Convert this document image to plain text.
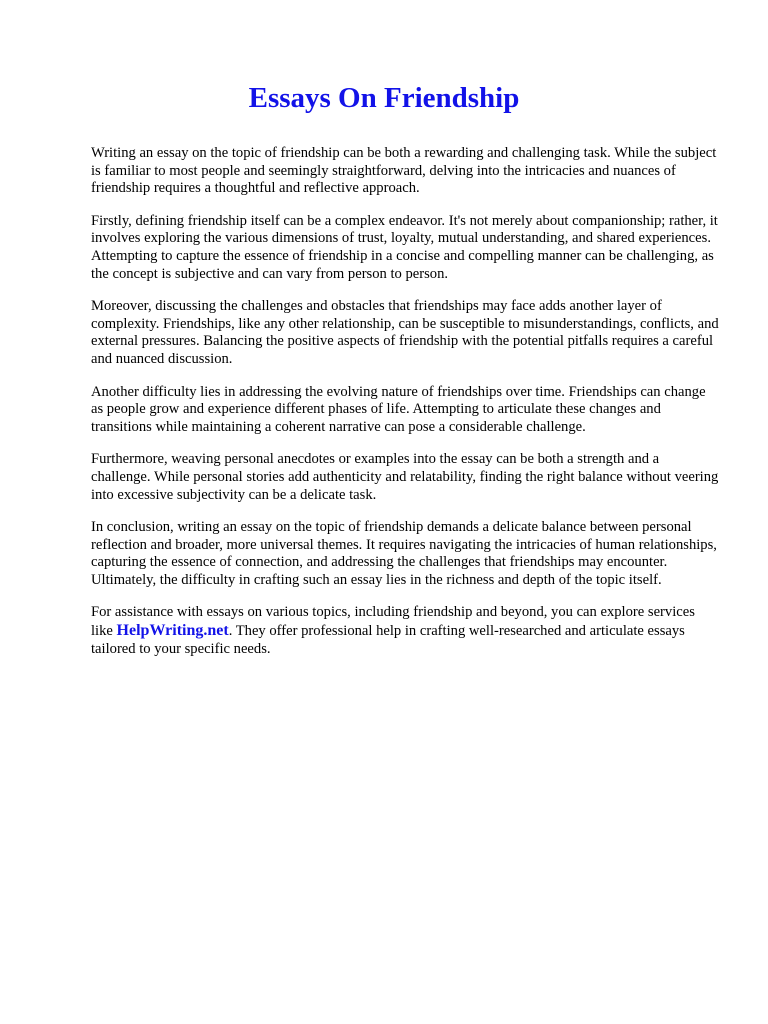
Essays On Friendship

Writing an essay on the topic of friendship can be both a rewarding and challenging task. While the subject is familiar to most people and seemingly straightforward, delving into the intricacies and nuances of friendship requires a thoughtful and reflective approach.

Firstly, defining friendship itself can be a complex endeavor. It's not merely about companionship; rather, it involves exploring the various dimensions of trust, loyalty, mutual understanding, and shared experiences. Attempting to capture the essence of friendship in a concise and compelling manner can be challenging, as the concept is subjective and can vary from person to person.

Moreover, discussing the challenges and obstacles that friendships may face adds another layer of complexity. Friendships, like any other relationship, can be susceptible to misunderstandings, conflicts, and external pressures. Balancing the positive aspects of friendship with the potential pitfalls requires a careful and nuanced discussion.

Another difficulty lies in addressing the evolving nature of friendships over time. Friendships can change as people grow and experience different phases of life. Attempting to articulate these changes and transitions while maintaining a coherent narrative can pose a considerable challenge.

Furthermore, weaving personal anecdotes or examples into the essay can be both a strength and a challenge. While personal stories add authenticity and relatability, finding the right balance without veering into excessive subjectivity can be a delicate task.

In conclusion, writing an essay on the topic of friendship demands a delicate balance between personal reflection and broader, more universal themes. It requires navigating the intricacies of human relationships, capturing the essence of connection, and addressing the challenges that friendships may encounter. Ultimately, the difficulty in crafting such an essay lies in the richness and depth of the topic itself.

For assistance with essays on various topics, including friendship and beyond, you can explore services like HelpWriting.net. They offer professional help in crafting well-researched and articulate essays tailored to your specific needs.
